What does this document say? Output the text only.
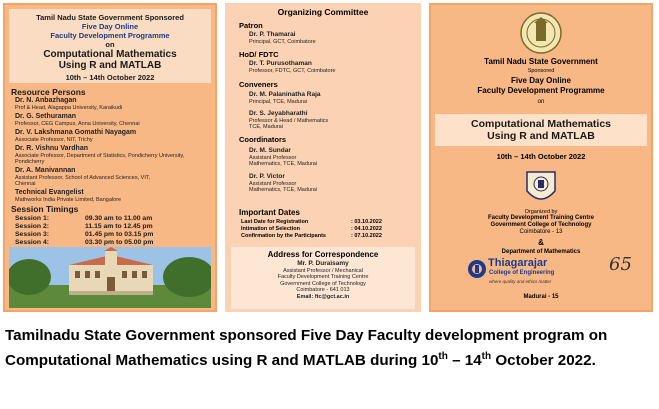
Tamil Nadu State Government Sponsored
Five Day Online
Faculty Development Programme
on
Computational Mathematics
Using R and MATLAB
10th – 14th October 2022
Resource Persons
Dr. N. Anbazhagan
Prof & Head, Alagappa University, Karaikudi
Dr. G. Sethuraman
Professor, CEG Campus, Anna University, Chennai
Dr. V. Lakshmana Gomathi Nayagam
Associate Professor, NIT, Trichy
Dr. R. Vishnu Vardhan
Associate Professor, Department of Statistics, Pondicherry University, Pondicherry
Dr. A. Manivannan
Assistant Professor, School of Advanced Sciences, VIT, Chennai
Technical Evangelist
Mathworks India Private Limited, Bangalore
Session Timings
Session 1:	09.30 am to 11.00 am
Session 2:	11.15 am to 12.45 pm
Session 3:	01.45 pm to 03.15 pm
Session 4:	03.30 pm to 05.00 pm
Organizing Committee
Patron
Dr. P. Thamarai
Principal, GCT, Coimbatore
HoD/ FDTC
Dr. T. Purusothaman
Professor, FDTC, GCT, Coimbatore
Conveners
Dr. M. Palaninatha Raja
Principal, TCE, Madurai
Dr. S. Jeyabharathi
Professor & Head / Mathematics
TCE, Madurai
Coordinators
Dr. M. Sundar
Assistant Professor
Mathematics, TCE, Madurai
Dr. P. Victor
Assistant Professor
Mathematics, TCE, Madurai
Important Dates
Last Date for Registration	: 03.10.2022
Intimation of Selection	: 04.10.2022
Confirmation by the Participants	: 07.10.2022
Address for Correspondence
Mr. P. Duraisamy
Assistant Professor / Mechanical
Faculty Development Training Centre
Government College of Technology
Coimbatore - 641 013
Email: ftc@gct.ac.in
Tamil Nadu State Government
Sponsored
Five Day Online
Faculty Development Programme
on
Computational Mathematics
Using R and MATLAB
10th – 14th October 2022
Organized by
Faculty Development Training Centre
Government College of Technology
Coimbatore - 13
&
Department of Mathematics
Thiagarajar
College of Engineering
where quality and ethics matter
65
Madurai - 15
Tamilnadu State Government sponsored Five Day Faculty development program on Computational Mathematics using R and MATLAB during 10th – 14th October 2022.
